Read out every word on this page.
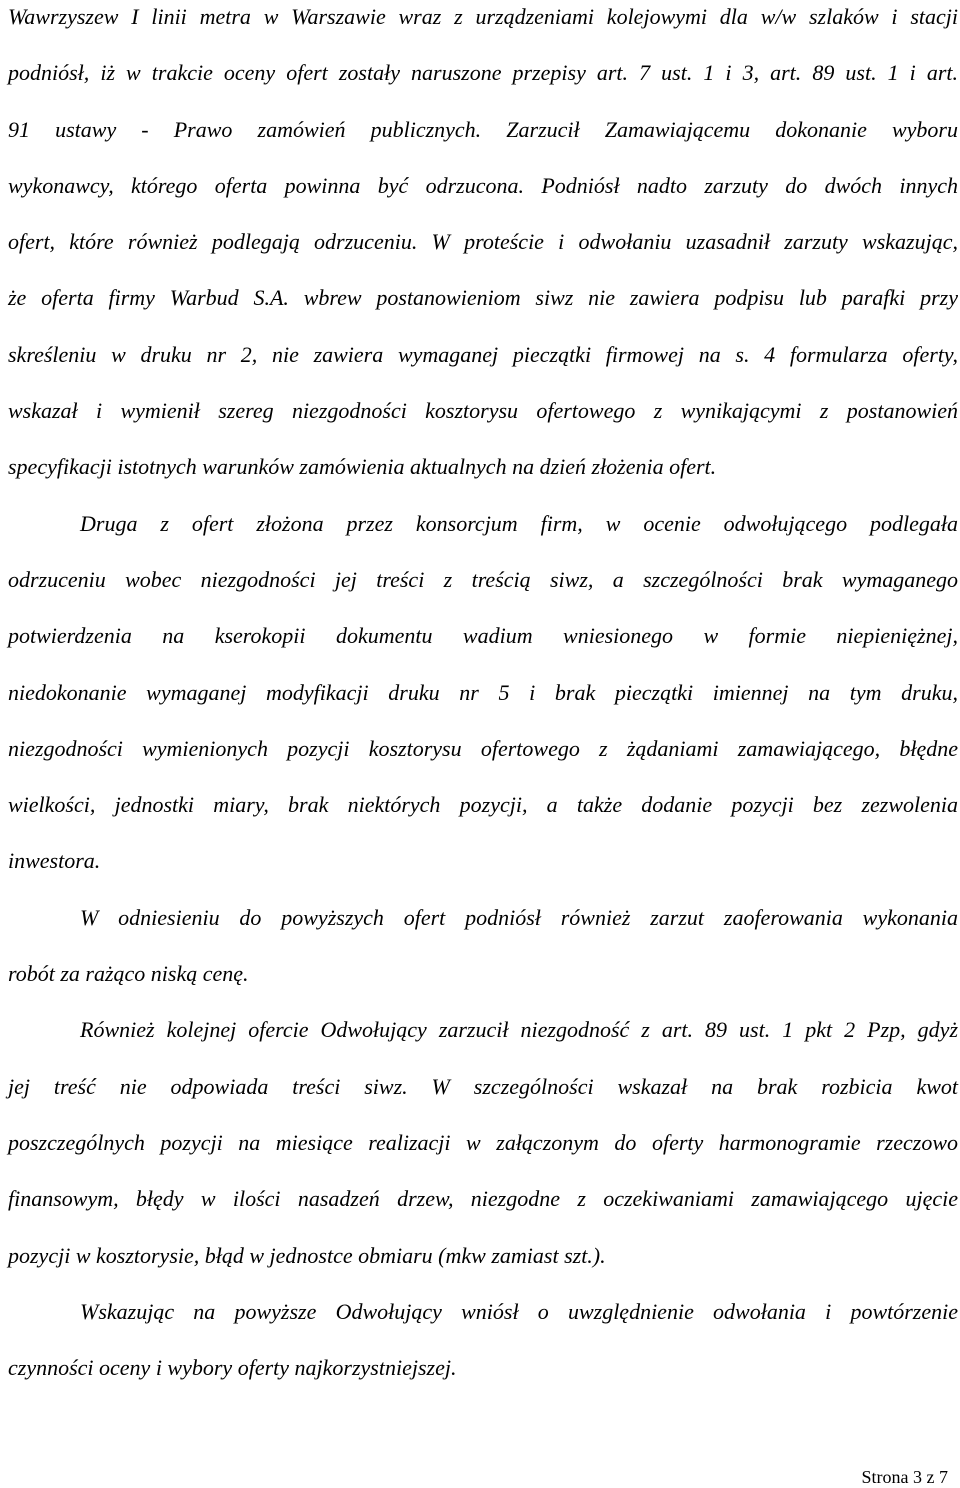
Wawrzyszew I linii metra w Warszawie wraz z urządzeniami kolejowymi dla w/w szlaków i stacji
podniósł, iż w trakcie oceny ofert zostały naruszone przepisy art. 7 ust. 1 i 3, art. 89 ust. 1 i art.
91 ustawy - Prawo zamówień publicznych. Zarzucił Zamawiającemu dokonanie wyboru
wykonawcy, którego oferta powinna być odrzucona. Podniósł nadto zarzuty do dwóch innych
ofert, które również podlegają odrzuceniu. W proteście i odwołaniu uzasadnił zarzuty wskazując,
że oferta firmy Warbud S.A. wbrew postanowieniom siwz nie zawiera podpisu lub parafki przy
skreśleniu w druku nr 2, nie zawiera wymaganej pieczątki firmowej na s. 4 formularza oferty,
wskazał i wymienił szereg niezgodności kosztorysu ofertowego z wynikającymi z postanowień
specyfikacji istotnych warunków zamówienia aktualnych na dzień złożenia ofert.
Druga z ofert złożona przez konsorcjum firm, w ocenie odwołującego podlegała
odrzuceniu wobec niezgodności jej treści z treścią siwz, a szczególności brak wymaganego
potwierdzenia na kserokopii dokumentu wadium wniesionego w formie niepieniężnej,
niedokonanie wymaganej modyfikacji druku nr 5 i brak pieczątki imiennej na tym druku,
niezgodności wymienionych pozycji kosztorysu ofertowego z żądaniami zamawiającego, błędne
wielkości, jednostki miary, brak niektórych pozycji, a także dodanie pozycji bez zezwolenia
inwestora.
W odniesieniu do powyższych ofert podniósł również zarzut zaoferowania wykonania
robót za rażąco niską cenę.
Również kolejnej ofercie Odwołujący zarzucił niezgodność z art. 89 ust. 1 pkt 2 Pzp, gdyż
jej treść nie odpowiada treści siwz. W szczególności wskazał na brak rozbicia kwot
poszczególnych pozycji na miesiące realizacji w załączonym do oferty harmonogramie rzeczowo
finansowym, błędy w ilości nasadzeń drzew, niezgodne z oczekiwaniami zamawiającego ujęcie
pozycji w kosztorysie, błąd w jednostce obmiaru (mkw zamiast szt.).
Wskazując na powyższe Odwołujący wniósł o uwzględnienie odwołania i powtórzenie
czynności oceny i wybory oferty najkorzystniejszej.
Strona 3 z 7
